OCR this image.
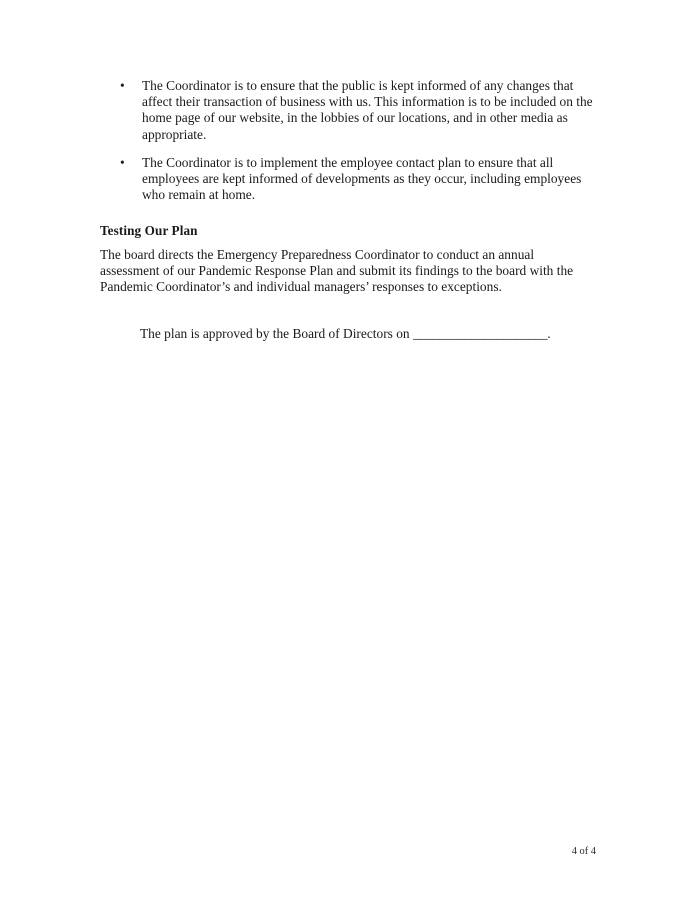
• The Coordinator is to ensure that the public is kept informed of any changes that affect their transaction of business with us. This information is to be included on the home page of our website, in the lobbies of our locations, and in other media as appropriate.
• The Coordinator is to implement the employee contact plan to ensure that all employees are kept informed of developments as they occur, including employees who remain at home.
Testing Our Plan

The board directs the Emergency Preparedness Coordinator to conduct an annual assessment of our Pandemic Response Plan and submit its findings to the board with the Pandemic Coordinator’s and individual managers’ responses to exceptions.

The plan is approved by the Board of Directors on _____________________.

4 of 4
